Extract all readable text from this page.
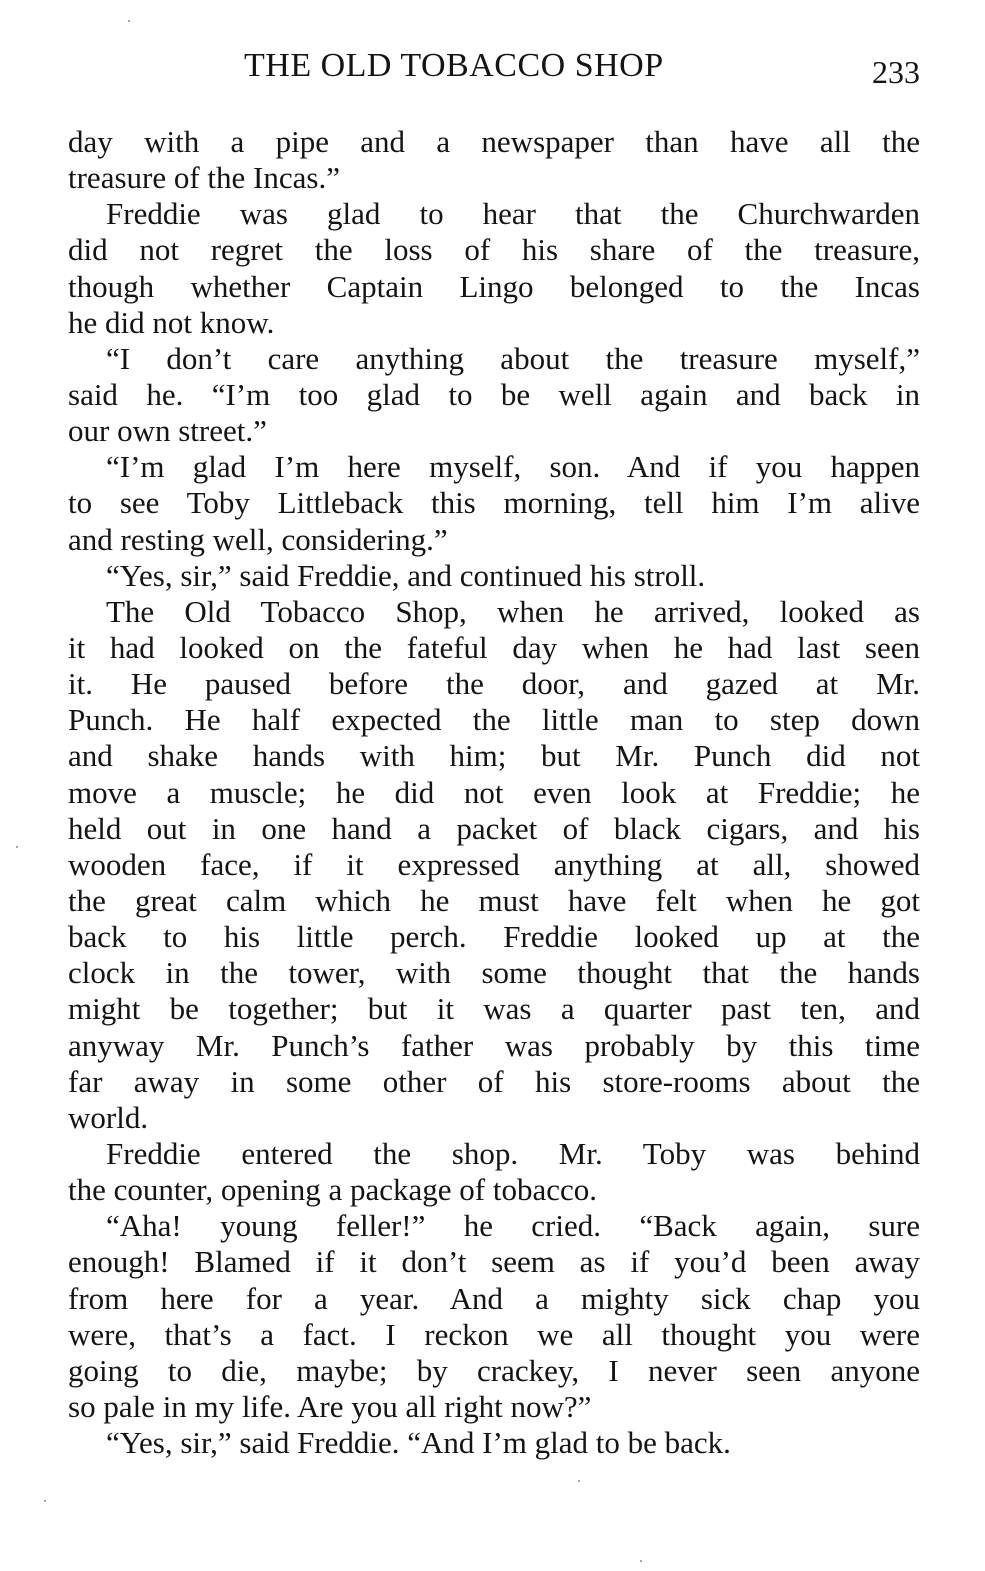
THE OLD TOBACCO SHOP	233
day with a pipe and a newspaper than have all the
treasure of the Incas.”
Freddie was glad to hear that the Churchwarden
did not regret the loss of his share of the treasure,
though whether Captain Lingo belonged to the Incas
he did not know.
“I don’t care anything about the treasure myself,”
said he. “I’m too glad to be well again and back in
our own street.”
“I’m glad I’m here myself, son. And if you happen
to see Toby Littleback this morning, tell him I’m alive
and resting well, considering.”
“Yes, sir,” said Freddie, and continued his stroll.
The Old Tobacco Shop, when he arrived, looked as
it had looked on the fateful day when he had last seen
it. He paused before the door, and gazed at Mr.
Punch. He half expected the little man to step down
and shake hands with him; but Mr. Punch did not
move a muscle; he did not even look at Freddie; he
held out in one hand a packet of black cigars, and his
wooden face, if it expressed anything at all, showed
the great calm which he must have felt when he got
back to his little perch. Freddie looked up at the
clock in the tower, with some thought that the hands
might be together; but it was a quarter past ten, and
anyway Mr. Punch’s father was probably by this time
far away in some other of his store-rooms about the
world.
Freddie entered the shop. Mr. Toby was behind
the counter, opening a package of tobacco.
“Aha! young feller!” he cried. “Back again, sure
enough! Blamed if it don’t seem as if you’d been away
from here for a year. And a mighty sick chap you
were, that’s a fact. I reckon we all thought you were
going to die, maybe; by crackey, I never seen anyone
so pale in my life. Are you all right now?”
“Yes, sir,” said Freddie. “And I’m glad to be back.
